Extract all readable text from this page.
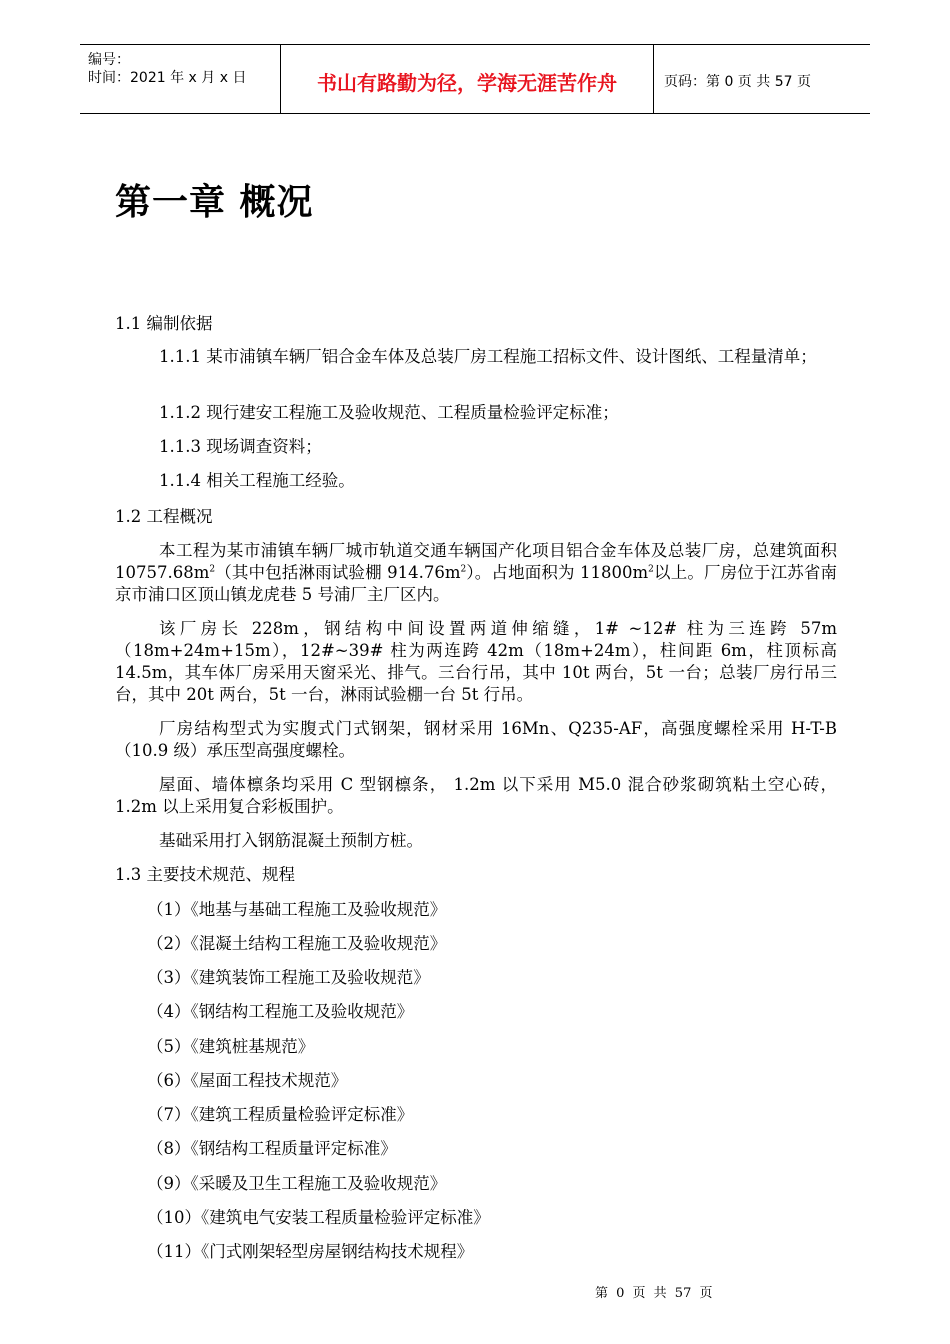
编号：
时间：2021 年 x 月 x 日	书山有路勤为径，学海无涯苦作舟	页码：第 0 页 共 57 页
第一章 概况
1.1 编制依据
1.1.1 某市浦镇车辆厂铝合金车体及总装厂房工程施工招标文件、设计图纸、工程量清单；
1.1.2 现行建安工程施工及验收规范、工程质量检验评定标准；
1.1.3 现场调查资料；
1.1.4 相关工程施工经验。
1.2 工程概况
本工程为某市浦镇车辆厂城市轨道交通车辆国产化项目铝合金车体及总装厂房，总建筑面积 $10757.68m^2$（其中包括淋雨试验棚 $914.76m^2$）。占地面积为 $11800m^2$以上。厂房位于江苏省南京市浦口区顶山镇龙虎巷 5 号浦厂主厂区内。
该厂房长 228m，钢结构中间设置两道伸缩缝，1# ~12# 柱为三连跨 57m（18m+24m+15m），12#~39# 柱为两连跨 42m（18m+24m），柱间距 6m，柱顶标高 14.5m，其车体厂房采用天窗采光、排气。三台行吊，其中 10t 两台，5t 一台；总装厂房行吊三台，其中 20t 两台，5t 一台，淋雨试验棚一台 5t 行吊。
厂房结构型式为实腹式门式钢架，钢材采用 16Mn、Q235-AF，高强度螺栓采用 H-T-B（10.9 级）承压型高强度螺栓。
屋面、墙体檩条均采用 C 型钢檩条， 1.2m 以下采用 M5.0 混合砂浆砌筑粘土空心砖，1.2m 以上采用复合彩板围护。
基础采用打入钢筋混凝土预制方桩。
1.3 主要技术规范、规程
（1）《地基与基础工程施工及验收规范》
（2）《混凝土结构工程施工及验收规范》
（3）《建筑装饰工程施工及验收规范》
（4）《钢结构工程施工及验收规范》
（5）《建筑桩基规范》
（6）《屋面工程技术规范》
（7）《建筑工程质量检验评定标准》
（8）《钢结构工程质量评定标准》
（9）《采暖及卫生工程施工及验收规范》
（10）《建筑电气安装工程质量检验评定标准》
（11）《门式刚架轻型房屋钢结构技术规程》
第 0 页 共 57 页
